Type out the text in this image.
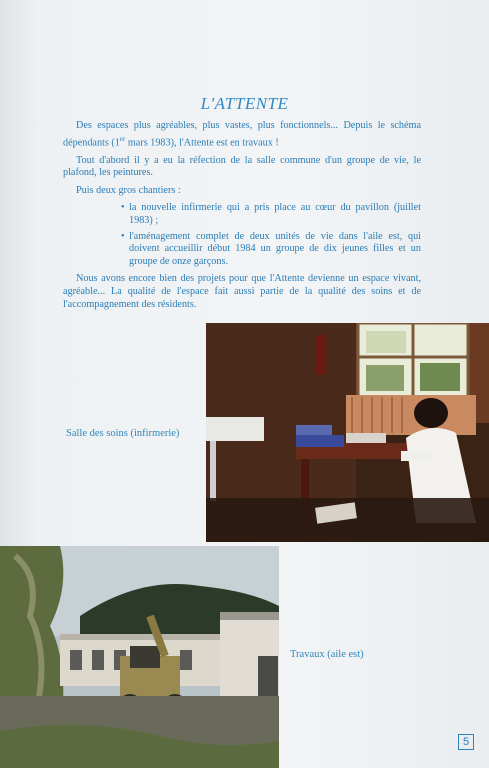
L'ATTENTE

Des espaces plus agréables, plus vastes, plus fonctionnels... Depuis le schéma dépendants (1er mars 1983), l'Attente est en travaux !

Tout d'abord il y a eu la réfection de la salle commune d'un groupe de vie, le plafond, les peintures.

Puis deux gros chantiers :

• la nouvelle infirmerie qui a pris place au cœur du pavillon (juillet 1983) ;
• l'aménagement complet de deux unités de vie dans l'aile est, qui doivent accueillir début 1984 un groupe de dix jeunes filles et un groupe de onze garçons.

Nous avons encore bien des projets pour que l'Attente devienne un espace vivant, agréable... La qualité de l'espace fait aussi partie de la qualité des soins et de l'accompagnement des résidents.

Salle des soins (infirmerie)
Travaux (aile est)
5
